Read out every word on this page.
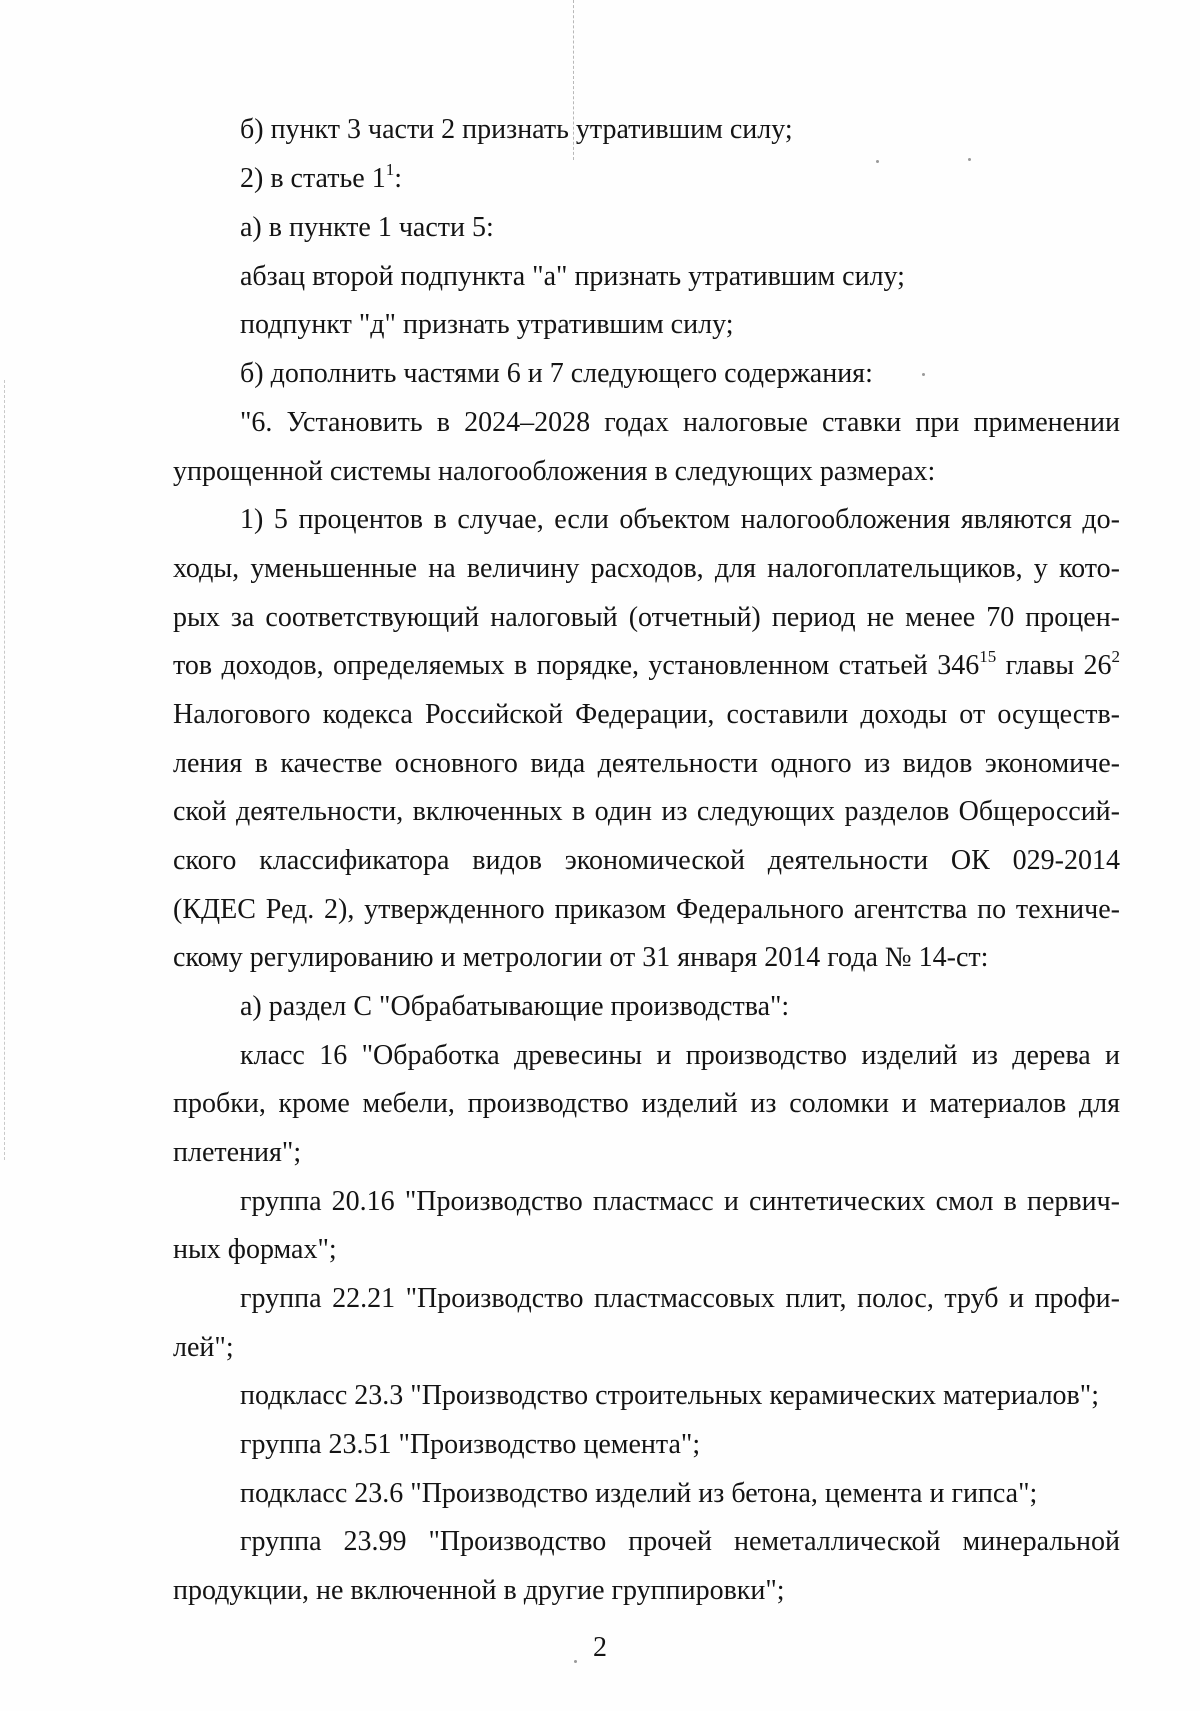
б) пункт 3 части 2 признать утратившим силу;
2) в статье $1^1$:
а) в пункте 1 части 5:
абзац второй подпункта "а" признать утратившим силу;
подпункт "д" признать утратившим силу;
б) дополнить частями 6 и 7 следующего содержания:
"6. Установить в 2024–2028 годах налоговые ставки при применении
упрощенной системы налогообложения в следующих размерах:
1) 5 процентов в случае, если объектом налогообложения являются до-
ходы, уменьшенные на величину расходов, для налогоплательщиков, у кото-
рых за соответствующий налоговый (отчетный) период не менее 70 процен-
тов доходов, определяемых в порядке, установленном статьей $346^{15}$ главы $26^2$
Налогового кодекса Российской Федерации, составили доходы от осуществ-
ления в качестве основного вида деятельности одного из видов экономиче-
ской деятельности, включенных в один из следующих разделов Общероссий-
ского классификатора видов экономической деятельности ОК 029-2014
(КДЕС Ред. 2), утвержденного приказом Федерального агентства по техниче-
скому регулированию и метрологии от 31 января 2014 года № 14-ст:
а) раздел С "Обрабатывающие производства":
класс 16 "Обработка древесины и производство изделий из дерева и
пробки, кроме мебели, производство изделий из соломки и материалов для
плетения";
группа 20.16 "Производство пластмасс и синтетических смол в первич-
ных формах";
группа 22.21 "Производство пластмассовых плит, полос, труб и профи-
лей";
подкласс 23.3 "Производство строительных керамических материалов";
группа 23.51 "Производство цемента";
подкласс 23.6 "Производство изделий из бетона, цемента и гипса";
группа 23.99 "Производство прочей неметаллической минеральной
продукции, не включенной в другие группировки";
2
